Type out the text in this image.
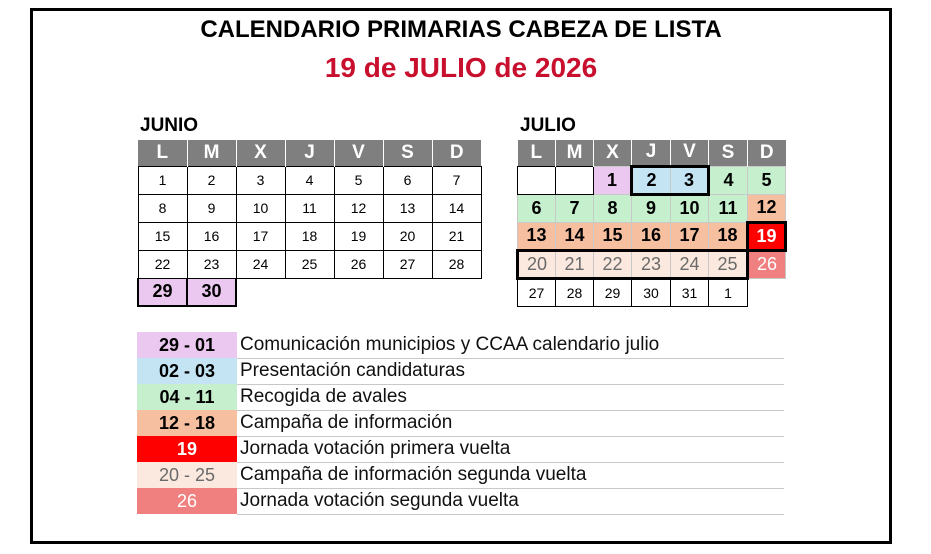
CALENDARIO PRIMARIAS CABEZA DE LISTA
19 de JULIO de 2026
JUNIO
L	M	X	J	V	S	D
1	2	3	4	5	6	7
8	9	10	11	12	13	14
15	16	17	18	19	20	21
22	23	24	25	26	27	28
29	30					
JULIO
L	M	X	J	V	S	D
		1	2	3	4	5
6	7	8	9	10	11	12
13	14	15	16	17	18	19
20	21	22	23	24	25	26
27	28	29	30	31	1	
29 - 01	Comunicación municipios y CCAA calendario julio
02 - 03	Presentación candidaturas
04 - 11	Recogida de avales
12 - 18	Campaña de información
19	Jornada votación primera vuelta
20 - 25	Campaña de información segunda vuelta
26	Jornada votación segunda vuelta
